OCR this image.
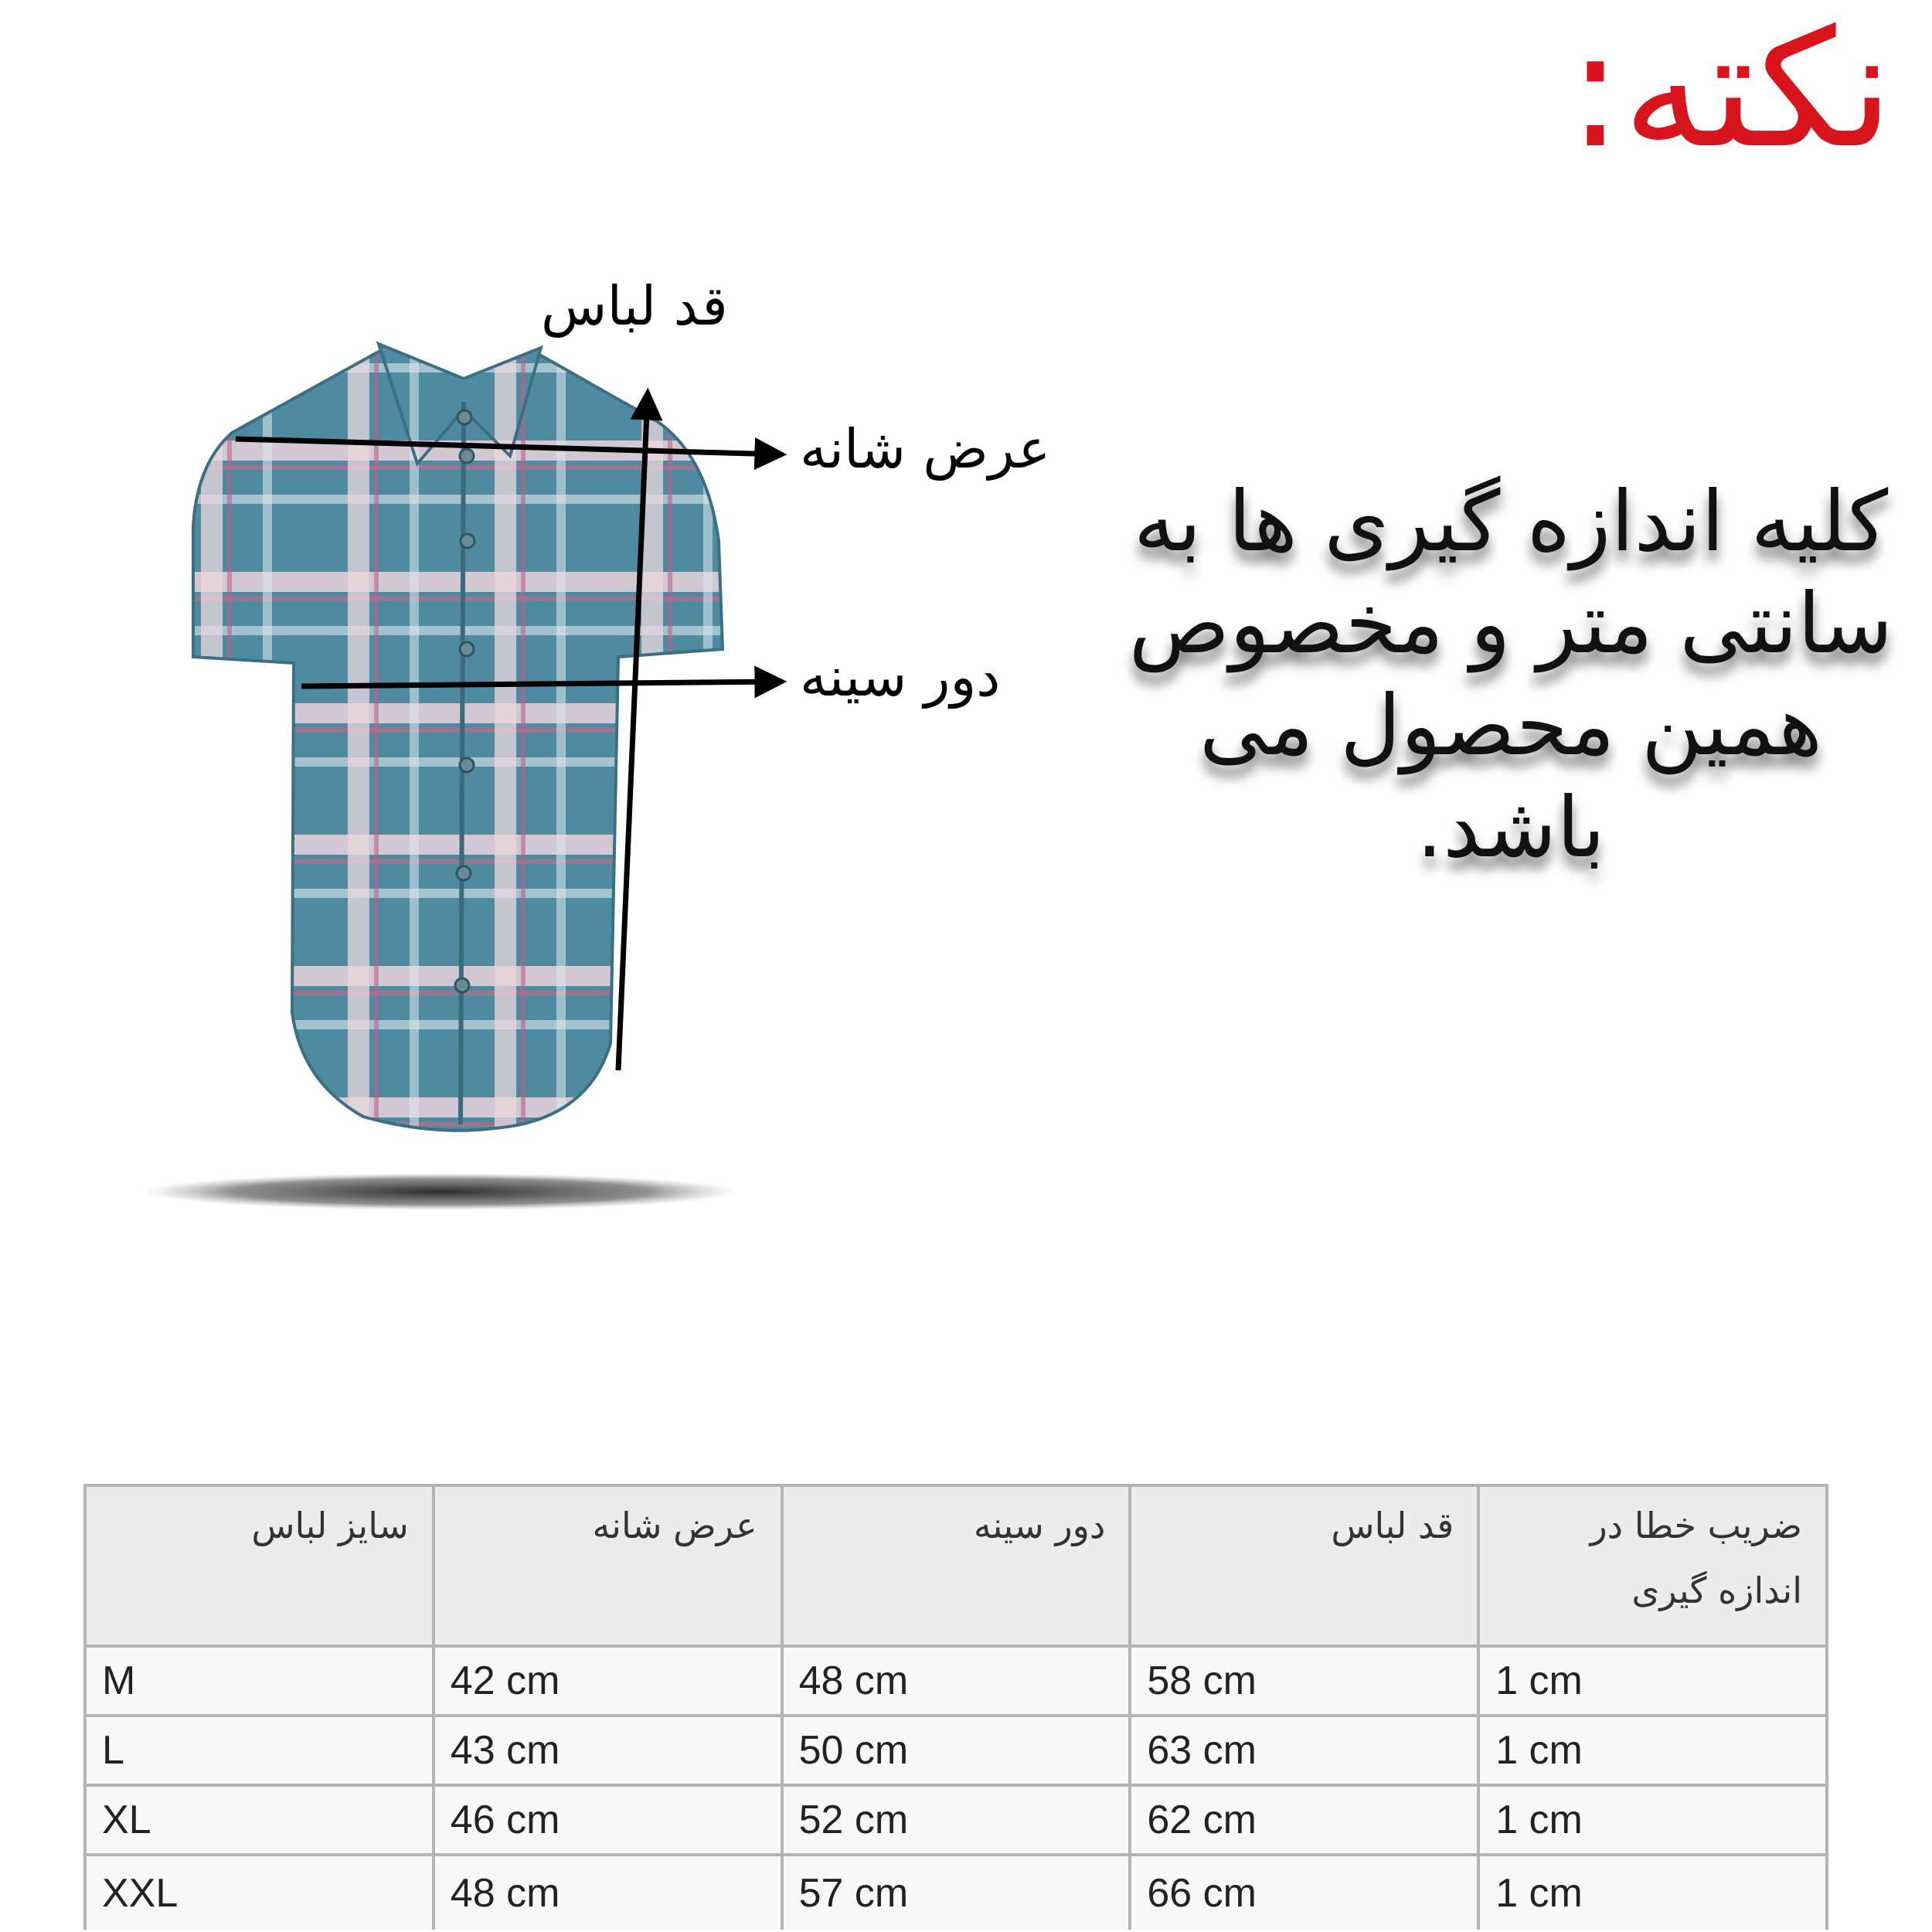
نکته:
قد لباس
عرض شانه
دور سینه
کلیه اندازه گیری ها به
سانتی متر و مخصوص
همین محصول می
باشد.
سایز لباس	عرض شانه	دور سینه	قد لباس	ضریب خطا در اندازه گیری
M	42 cm	48 cm	58 cm	1 cm
L	43 cm	50 cm	63 cm	1 cm
XL	46 cm	52 cm	62 cm	1 cm
XXL	48 cm	57 cm	66 cm	1 cm
